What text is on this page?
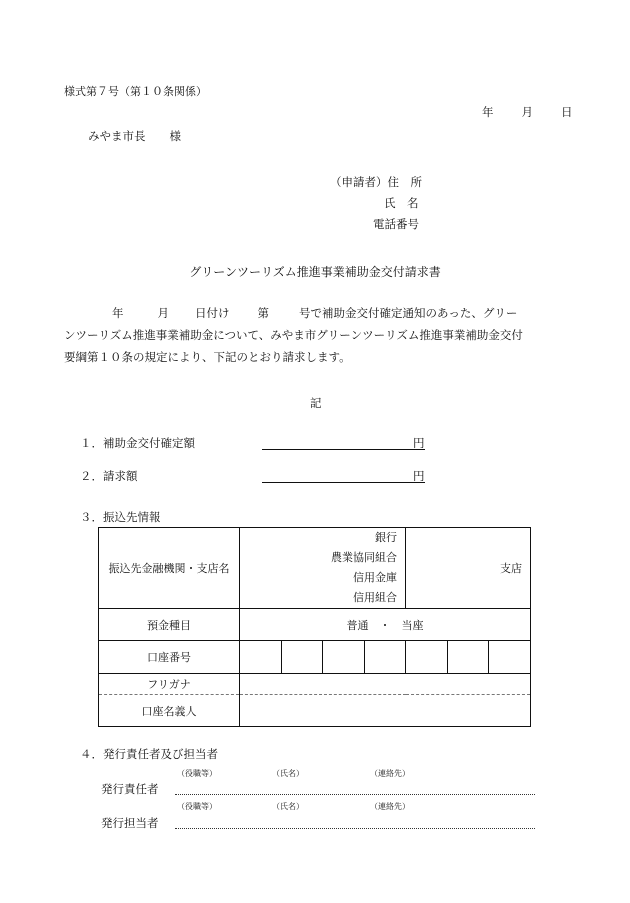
様式第７号（第１０条関係）
年 月 日
みやま市長 様
（申請者）住　所
氏　名
電話番号
グリーンツーリズム推進事業補助金交付請求書
年	月 日付け 第	号で補助金交付確定通知のあった、グリー
ンツーリズム推進事業補助金について、みやま市グリーンツーリズム推進事業補助金交付
要綱第１０条の規定により、下記のとおり請求します。
記
１．補助金交付確定額	円
２．請求額	円
３．振込先情報
振込先金融機関・支店名	銀行
農業協同組合
信用金庫
信用組合	支店
預金種目	普通　・　当座	
口座番号		

フリガナ		
口座名義人		
４．発行責任者及び担当者
（役職等）	（氏名）	（連絡先）
発行責任者
（役職等）	（氏名）	（連絡先）
発行担当者
